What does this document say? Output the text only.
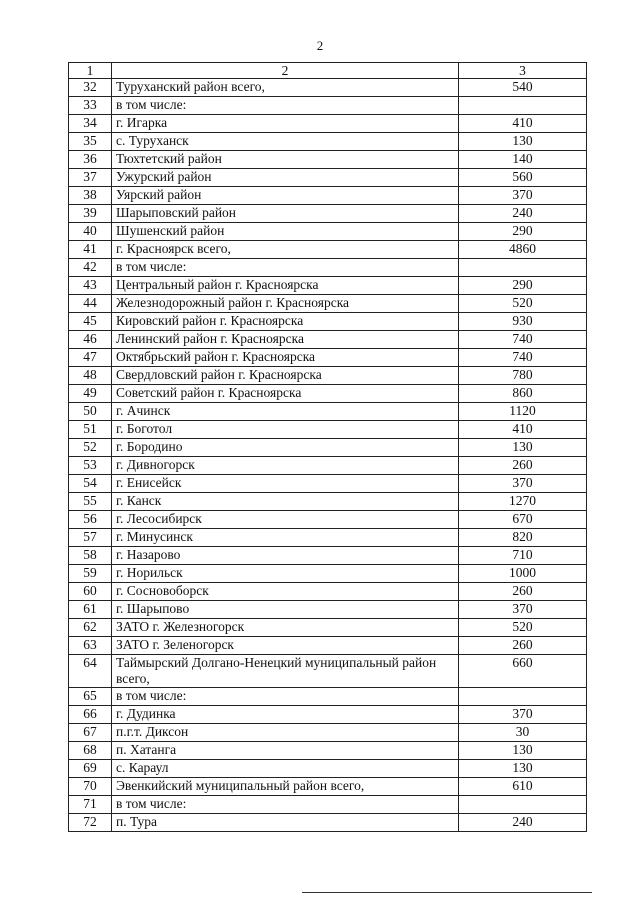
2
1	2	3
32	Туруханский район всего,	540
33	в том числе:	
34	г. Игарка	410
35	с. Туруханск	130
36	Тюхтетский район	140
37	Ужурский район	560
38	Уярский район	370
39	Шарыповский район	240
40	Шушенский район	290
41	г. Красноярск всего,	4860
42	в том числе:	
43	Центральный район г. Красноярска	290
44	Железнодорожный район г. Красноярска	520
45	Кировский район г. Красноярска	930
46	Ленинский район г. Красноярска	740
47	Октябрьский район г. Красноярска	740
48	Свердловский район г. Красноярска	780
49	Советский район г. Красноярска	860
50	г. Ачинск	1120
51	г. Боготол	410
52	г. Бородино	130
53	г. Дивногорск	260
54	г. Енисейск	370
55	г. Канск	1270
56	г. Лесосибирск	670
57	г. Минусинск	820
58	г. Назарово	710
59	г. Норильск	1000
60	г. Сосновоборск	260
61	г. Шарыпово	370
62	ЗАТО г. Железногорск	520
63	ЗАТО г. Зеленогорск	260
64	Таймырский Долгано-Ненецкий муниципальный район всего,	660
65	в том числе:	
66	г. Дудинка	370
67	п.г.т. Диксон	30
68	п. Хатанга	130
69	с. Караул	130
70	Эвенкийский муниципальный район всего,	610
71	в том числе:	
72	п. Тура	240
